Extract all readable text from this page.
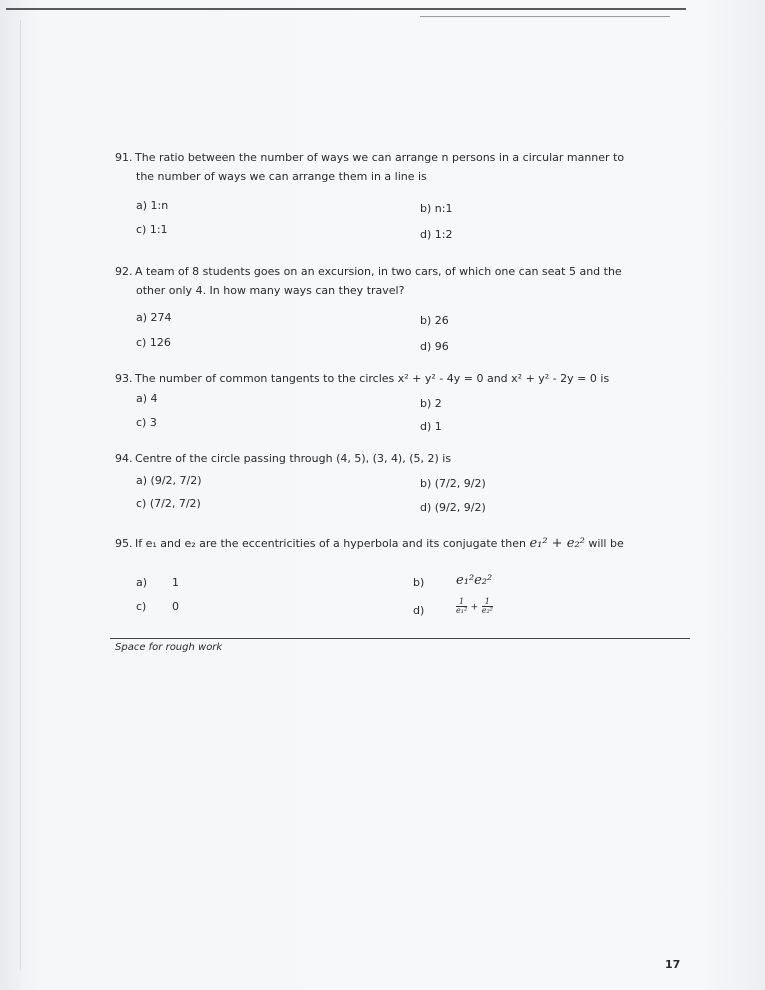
91. The ratio between the number of ways we can arrange n persons in a circular manner to
the number of ways we can arrange them in a line is
a) 1:n	b) n:1
c) 1:1	d) 1:2
92. A team of 8 students goes on an excursion, in two cars, of which one can seat 5 and the
other only 4. In how many ways can they travel?
a) 274	b) 26
c) 126	d) 96
93. The number of common tangents to the circles x² + y² - 4y = 0 and x² + y² - 2y = 0 is
a) 4	b) 2
c) 3	d) 1
94. Centre of the circle passing through (4, 5), (3, 4), (5, 2) is
a) (9/2, 7/2)	b) (7/2, 9/2)
c) (7/2, 7/2)	d) (9/2, 9/2)
95. If e₁ and e₂ are the eccentricities of a hyperbola and its conjugate then e₁² + e₂² will be
a) 1	b) e₁²e₂²
c) 0	d)	$\frac{1}{\text{e₁²}} + \frac{1}{\text{e₂²}}$
Space for rough work
17
